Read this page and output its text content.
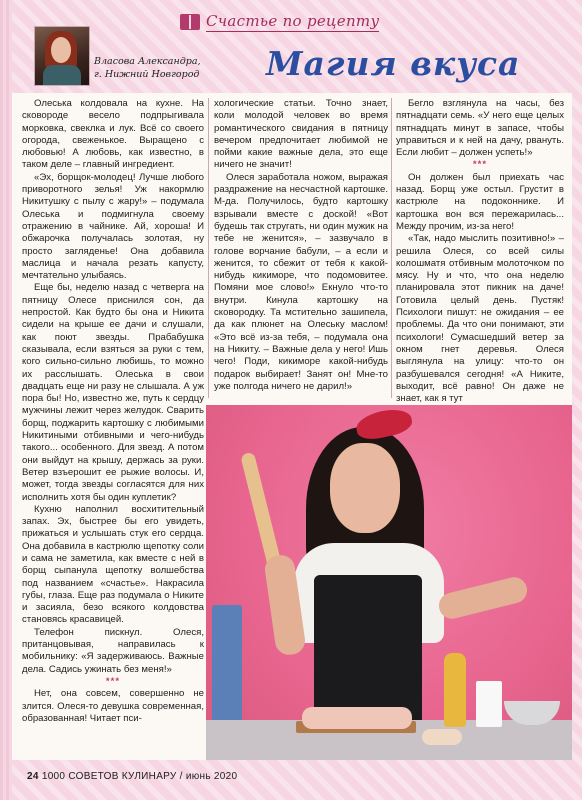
Счастье по рецепту
Власова Александра,
г. Нижний Новгород	Магия вкуса

Олеська колдовала на кухне. На сковороде весело подпрыгивала морковка, свеклка и лук. Всё со своего огорода, свеженькое. Выращено с любовью! А любовь, как известно, в таком деле – главный ингредиент.

«Эх, борщок-молодец! Лучше любого приворотного зелья! Уж накормлю Никитушку с пылу с жару!» – подумала Олеська и подмигнула своему отражению в чайнике. Ай, хороша! И обжарочка получалась золотая, ну просто загляденье! Она добавила маслица и начала резать капусту, мечтательно улыбаясь.

Еще бы, неделю назад с четверга на пятницу Олесе приснился сон, да непростой. Как будто бы она и Никита сидели на крыше ее дачи и слушали, как поют звезды. Прабабушка сказывала, если взяться за руки с тем, кого сильно-сильно любишь, то можно их расслышать. Олеська в свои двадцать еще ни разу не слышала. А уж пора бы! Но, известно же, путь к сердцу мужчины лежит через желудок. Сварить борщ, поджарить картошку с любимыми Никитиными отбивными и чего-нибудь такого... особенного. Для звезд. А потом они выйдут на крышу, держась за руки. Ветер взъерошит ее рыжие волосы. И, может, тогда звезды согласятся для них исполнить хотя бы один куплетик?

Кухню наполнил восхитительный запах. Эх, быстрее бы его увидеть, прижаться и услышать стук его сердца. Она добавила в кастрюлю щепотку соли и сама не заметила, как вместе с ней в борщ сыпанула щепотку волшебства под названием «счастье». Накрасила губы, глаза. Еще раз подумала о Никите и засияла, безо всякого колдовства становясь красавицей.

Телефон пискнул. Олеся, пританцовывая, направилась к мобильнику: «Я задерживаюсь. Важные дела. Садись ужинать без меня!»

***

Нет, она совсем, совершенно не злится. Олеся-то девушка современная, образованная! Читает пси-

хологические статьи. Точно знает, коли молодой человек во время романтического свидания в пятницу вечером предпочитает любимой не пойми какие важные дела, это еще ничего не значит!

Олеся заработала ножом, выражая раздражение на несчастной картошке. М-да. Получилось, будто картошку взрывали вместе с доской! «Вот будешь так стругать, ни один мужик на тебе не женится», – зазвучало в голове ворчание бабули, – а если и женится, то сбежит от тебя к какой-нибудь кикиморе, что подомовитее. Помяни мое слово!» Екнуло что-то внутри. Кинула картошку на сковородку. Та мстительно зашипела, да как плюнет на Олеську маслом! «Это всё из-за тебя, – подумала она на Никиту. – Важные дела у него! Ишь чего! Поди, кикиморе какой-нибудь подарок выбирает! Занят он! Мне-то уже полгода ничего не дарил!»

Беглo взглянула на часы, без пятнадцати семь. «У него еще целых пятнадцать минут в запасе, чтобы управиться и к ней на дачу, рвануть. Если любит – должен успеть!»

***

Он должен был приехать час назад. Борщ уже остыл. Грустит в кастрюле на подоконнике. И картошка вон вся пережарилась... Между прочим, из-за него!

«Так, надо мыслить позитивно!» – решила Олеся, со всей силы колошматя отбивным молоточком по мясу. Ну и что, что она неделю планировала этот пикник на даче! Готовила целый день. Пустяк! Психологи пишут: не ожидания – ее проблемы. Да что они понимают, эти психологи! Сумасшедший ветер за окном гнет деревья. Олеся выглянула на улицу: что-то он разбушевался сегодня! «А Никите, выходит, всё равно! Он даже не знает, как я тут

24 1000 СОВЕТОВ КУЛИНАРУ / июнь 2020
